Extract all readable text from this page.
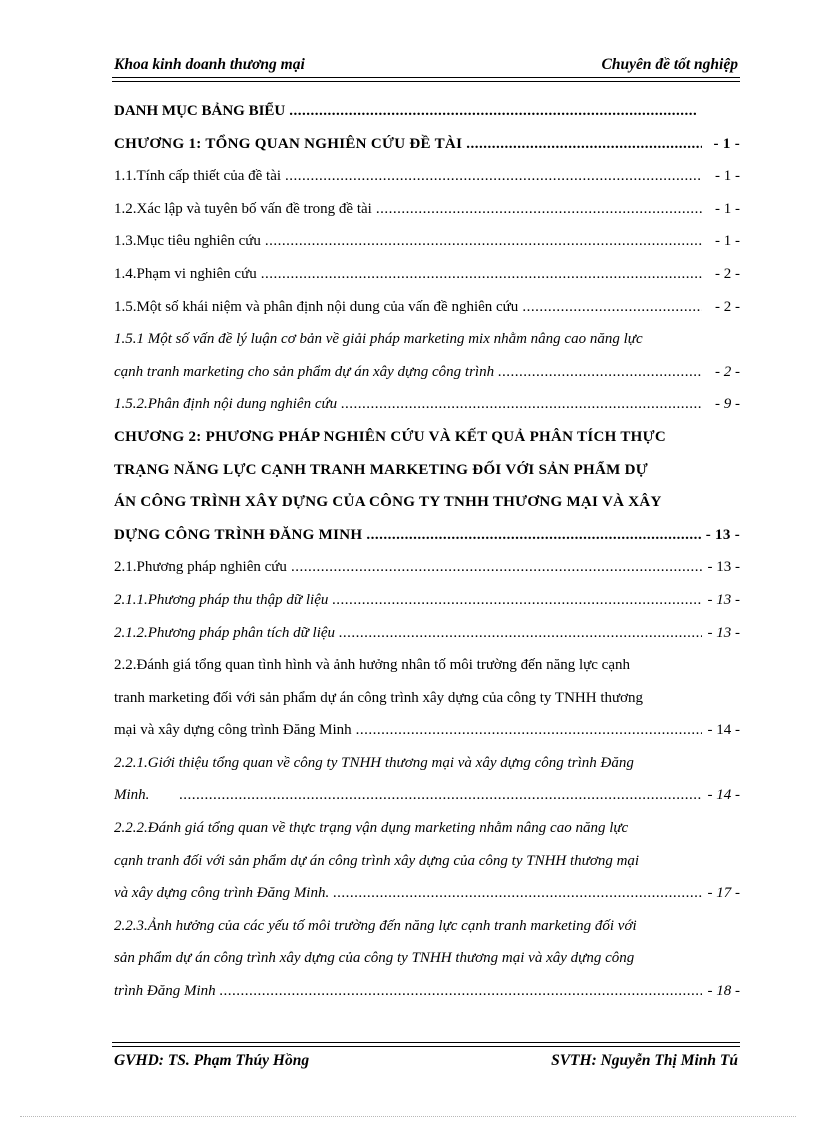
Khoa kinh doanh thương mại	Chuyên đề tốt nghiệp
DANH MỤC BẢNG BIỂU
.....
CHƯƠNG 1: TỔNG QUAN NGHIÊN CỨU ĐỀ TÀI .....	- 1 -
1.1.Tính cấp thiết của đề tài .....	- 1 -
1.2.Xác lập và tuyên bố vấn đề trong đề tài .....	- 1 -
1.3.Mục tiêu nghiên cứu .....	- 1 -
1.4.Phạm vi nghiên cứu .....	- 2 -
1.5.Một số khái niệm và phân định nội dung của vấn đề nghiên cứu .....	- 2 -
1.5.1 Một số vấn đề lý luận cơ bản về giải pháp marketing mix nhằm nâng cao năng lực
cạnh tranh marketing cho sản phẩm dự án xây dựng công trình .....	- 2 -
1.5.2.Phân định nội dung nghiên cứu .....	- 9 -
CHƯƠNG 2: PHƯƠNG PHÁP NGHIÊN CỨU VÀ KẾT QUẢ PHÂN TÍCH THỰC
TRẠNG NĂNG LỰC CẠNH TRANH MARKETING ĐỐI VỚI SẢN PHẨM DỰ
ÁN CÔNG TRÌNH XÂY DỰNG CỦA CÔNG TY TNHH THƯƠNG MẠI VÀ XÂY
DỰNG CÔNG TRÌNH ĐĂNG MINH .....	- 13 -
2.1.Phương pháp nghiên cứu .....	- 13 -
2.1.1.Phương pháp thu thập dữ liệu .....	- 13 -
2.1.2.Phương pháp phân tích dữ liệu .....	- 13 -
2.2.Đánh giá tổng quan tình hình và ảnh hưởng nhân tố môi trường đến năng lực cạnh
tranh marketing đối với sản phẩm dự án công trình xây dựng của công ty TNHH thương
mại và xây dựng công trình Đăng Minh .....	- 14 -
2.2.1.Giới thiệu tổng quan về công ty TNHH thương mại và xây dựng công trình Đăng
Minh. .....	- 14 -
2.2.2.Đánh giá tổng quan về thực trạng vận dụng marketing nhằm nâng cao năng lực
cạnh tranh đối với sản phẩm dự án công trình xây dựng của công ty TNHH thương mại
và xây dựng công trình Đăng Minh. .....	- 17 -
2.2.3.Ảnh hưởng của các yếu tố môi trường đến năng lực cạnh tranh marketing đối với
sản phẩm dự án công trình xây dựng của công ty TNHH thương mại và xây dựng công
trình Đăng Minh .....	- 18 -
GVHD: TS. Phạm Thúy Hồng	SVTH: Nguyễn Thị Minh Tú
